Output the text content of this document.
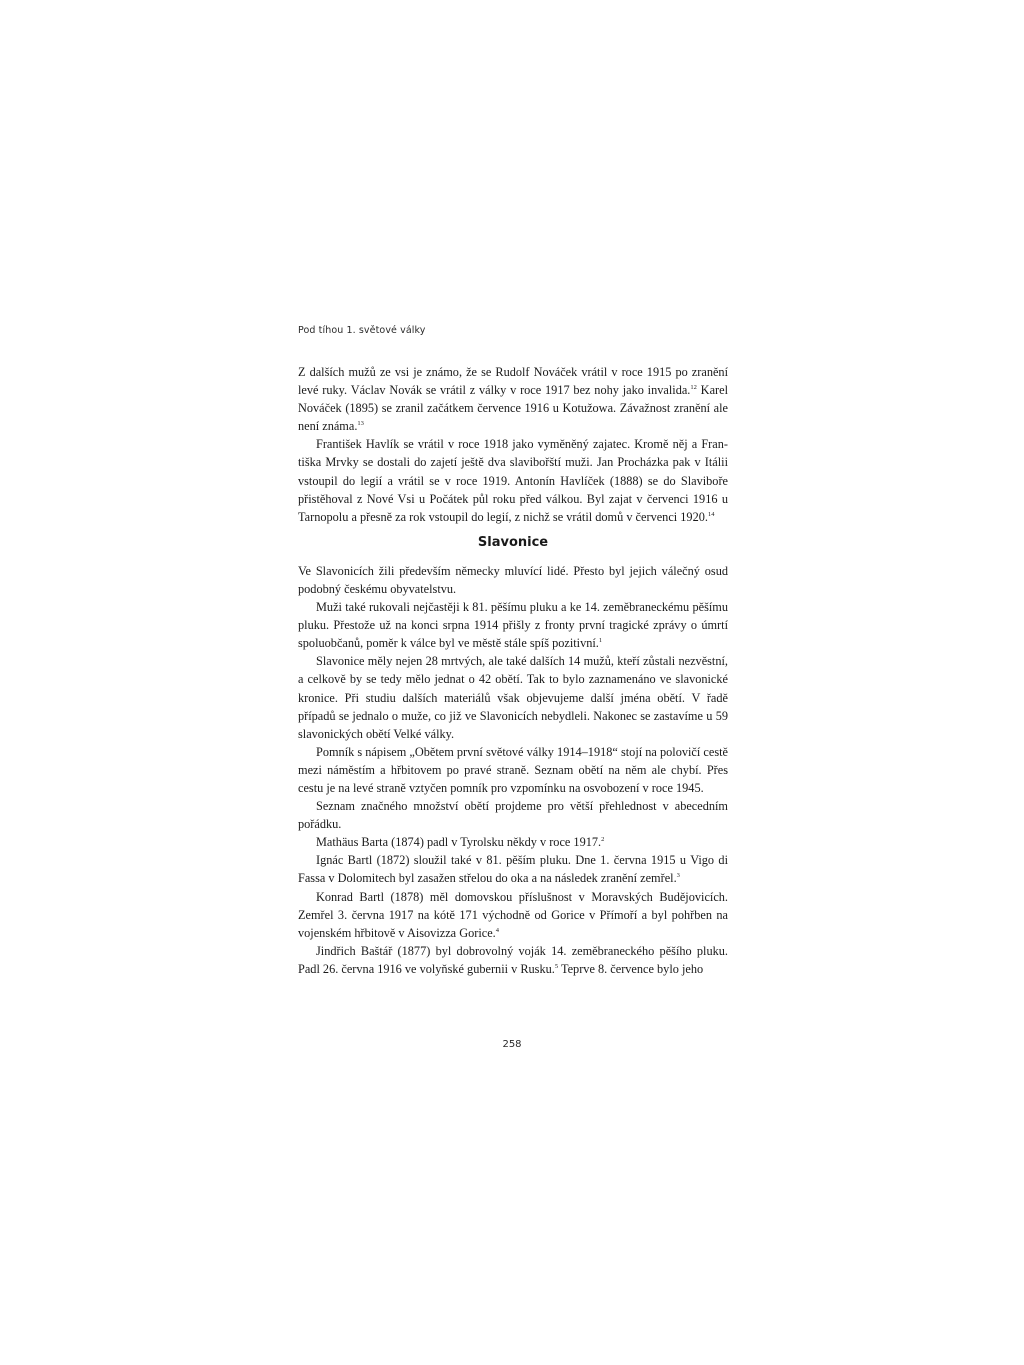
Pod tíhou 1. světové války

Z dalších mužů ze vsi je známo, že se Rudolf Nováček vrátil v roce 1915 po zranění levé ruky. Václav Novák se vrátil z války v roce 1917 bez nohy jako invalida.$^{12}$ Karel Nováček (1895) se zranil začátkem července 1916 u Kotužowa. Závažnost zranění ale není známa.$^{13}$

František Havlík se vrátil v roce 1918 jako vyměněný zajatec. Kromě něj a Františka Mrvky se dostali do zajetí ještě dva slavibořští muži. Jan Procházka pak v Itálii vstoupil do legií a vrátil se v roce 1919. Antonín Havlíček (1888) se do Slaviboře přistěhoval z Nové Vsi u Počátek půl roku před válkou. Byl zajat v červenci 1916 u Tarnopolu a přesně za rok vstoupil do legií, z nichž se vrátil domů v červenci 1920.14

Slavonice

Ve Slavonicích žili především německy mluvící lidé. Přesto byl jejich válečný osud podobný českému obyvatelstvu.

Muži také rukovali nejčastěji k 81. pěšímu pluku a ke 14. zeměbraneckému pěšímu pluku. Přestože už na konci srpna 1914 přišly z fronty první tragické zprávy o úmrtí spoluobčanů, poměr k válce byl ve městě stále spíš pozitivní.$^1$

Slavonice měly nejen 28 mrtvých, ale také dalších 14 mužů, kteří zůstali nezvěstní, a celkově by se tedy mělo jednat o 42 obětí. Tak to bylo zaznamenáno ve slavonické kronice. Při studiu dalších materiálů však objevujeme další jména obětí. V řadě případů se jednalo o muže, co již ve Slavonicích nebydleli. Nakonec se zastavíme u 59 slavonických obětí Velké války.

Pomník s nápisem „Obětem první světové války 1914–1918“ stojí na polovičí cestě mezi náměstím a hřbitovem po pravé straně. Seznam obětí na něm ale chybí. Přes cestu je na levé straně vztyčen pomník pro vzpomínku na osvobození v roce 1945.

Seznam značného množství obětí projdeme pro větší přehlednost v abecedním pořádku.

Mathäus Barta (1874) padl v Tyrolsku někdy v roce 1917.$^2$

Ignác Bartl (1872) sloužil také v 81. pěším pluku. Dne 1. června 1915 u Vigo di Fassa v Dolomitech byl zasažen střelou do oka a na následek zranění zemřel.$^3$

Konrad Bartl (1878) měl domovskou příslušnost v Moravských Budějovicích. Zemřel 3. června 1917 na kótě 171 východně od Gorice v Přímoří a byl pohřben na vojenském hřbitově v Aisovizza Gorice.$^4$

Jindřich Baštář (1877) byl dobrovolný voják 14. zeměbraneckého pěšího pluku. Padl 26. června 1916 ve volyňské gubernii v Rusku.$^5$ Teprve 8. července bylo jeho

258
